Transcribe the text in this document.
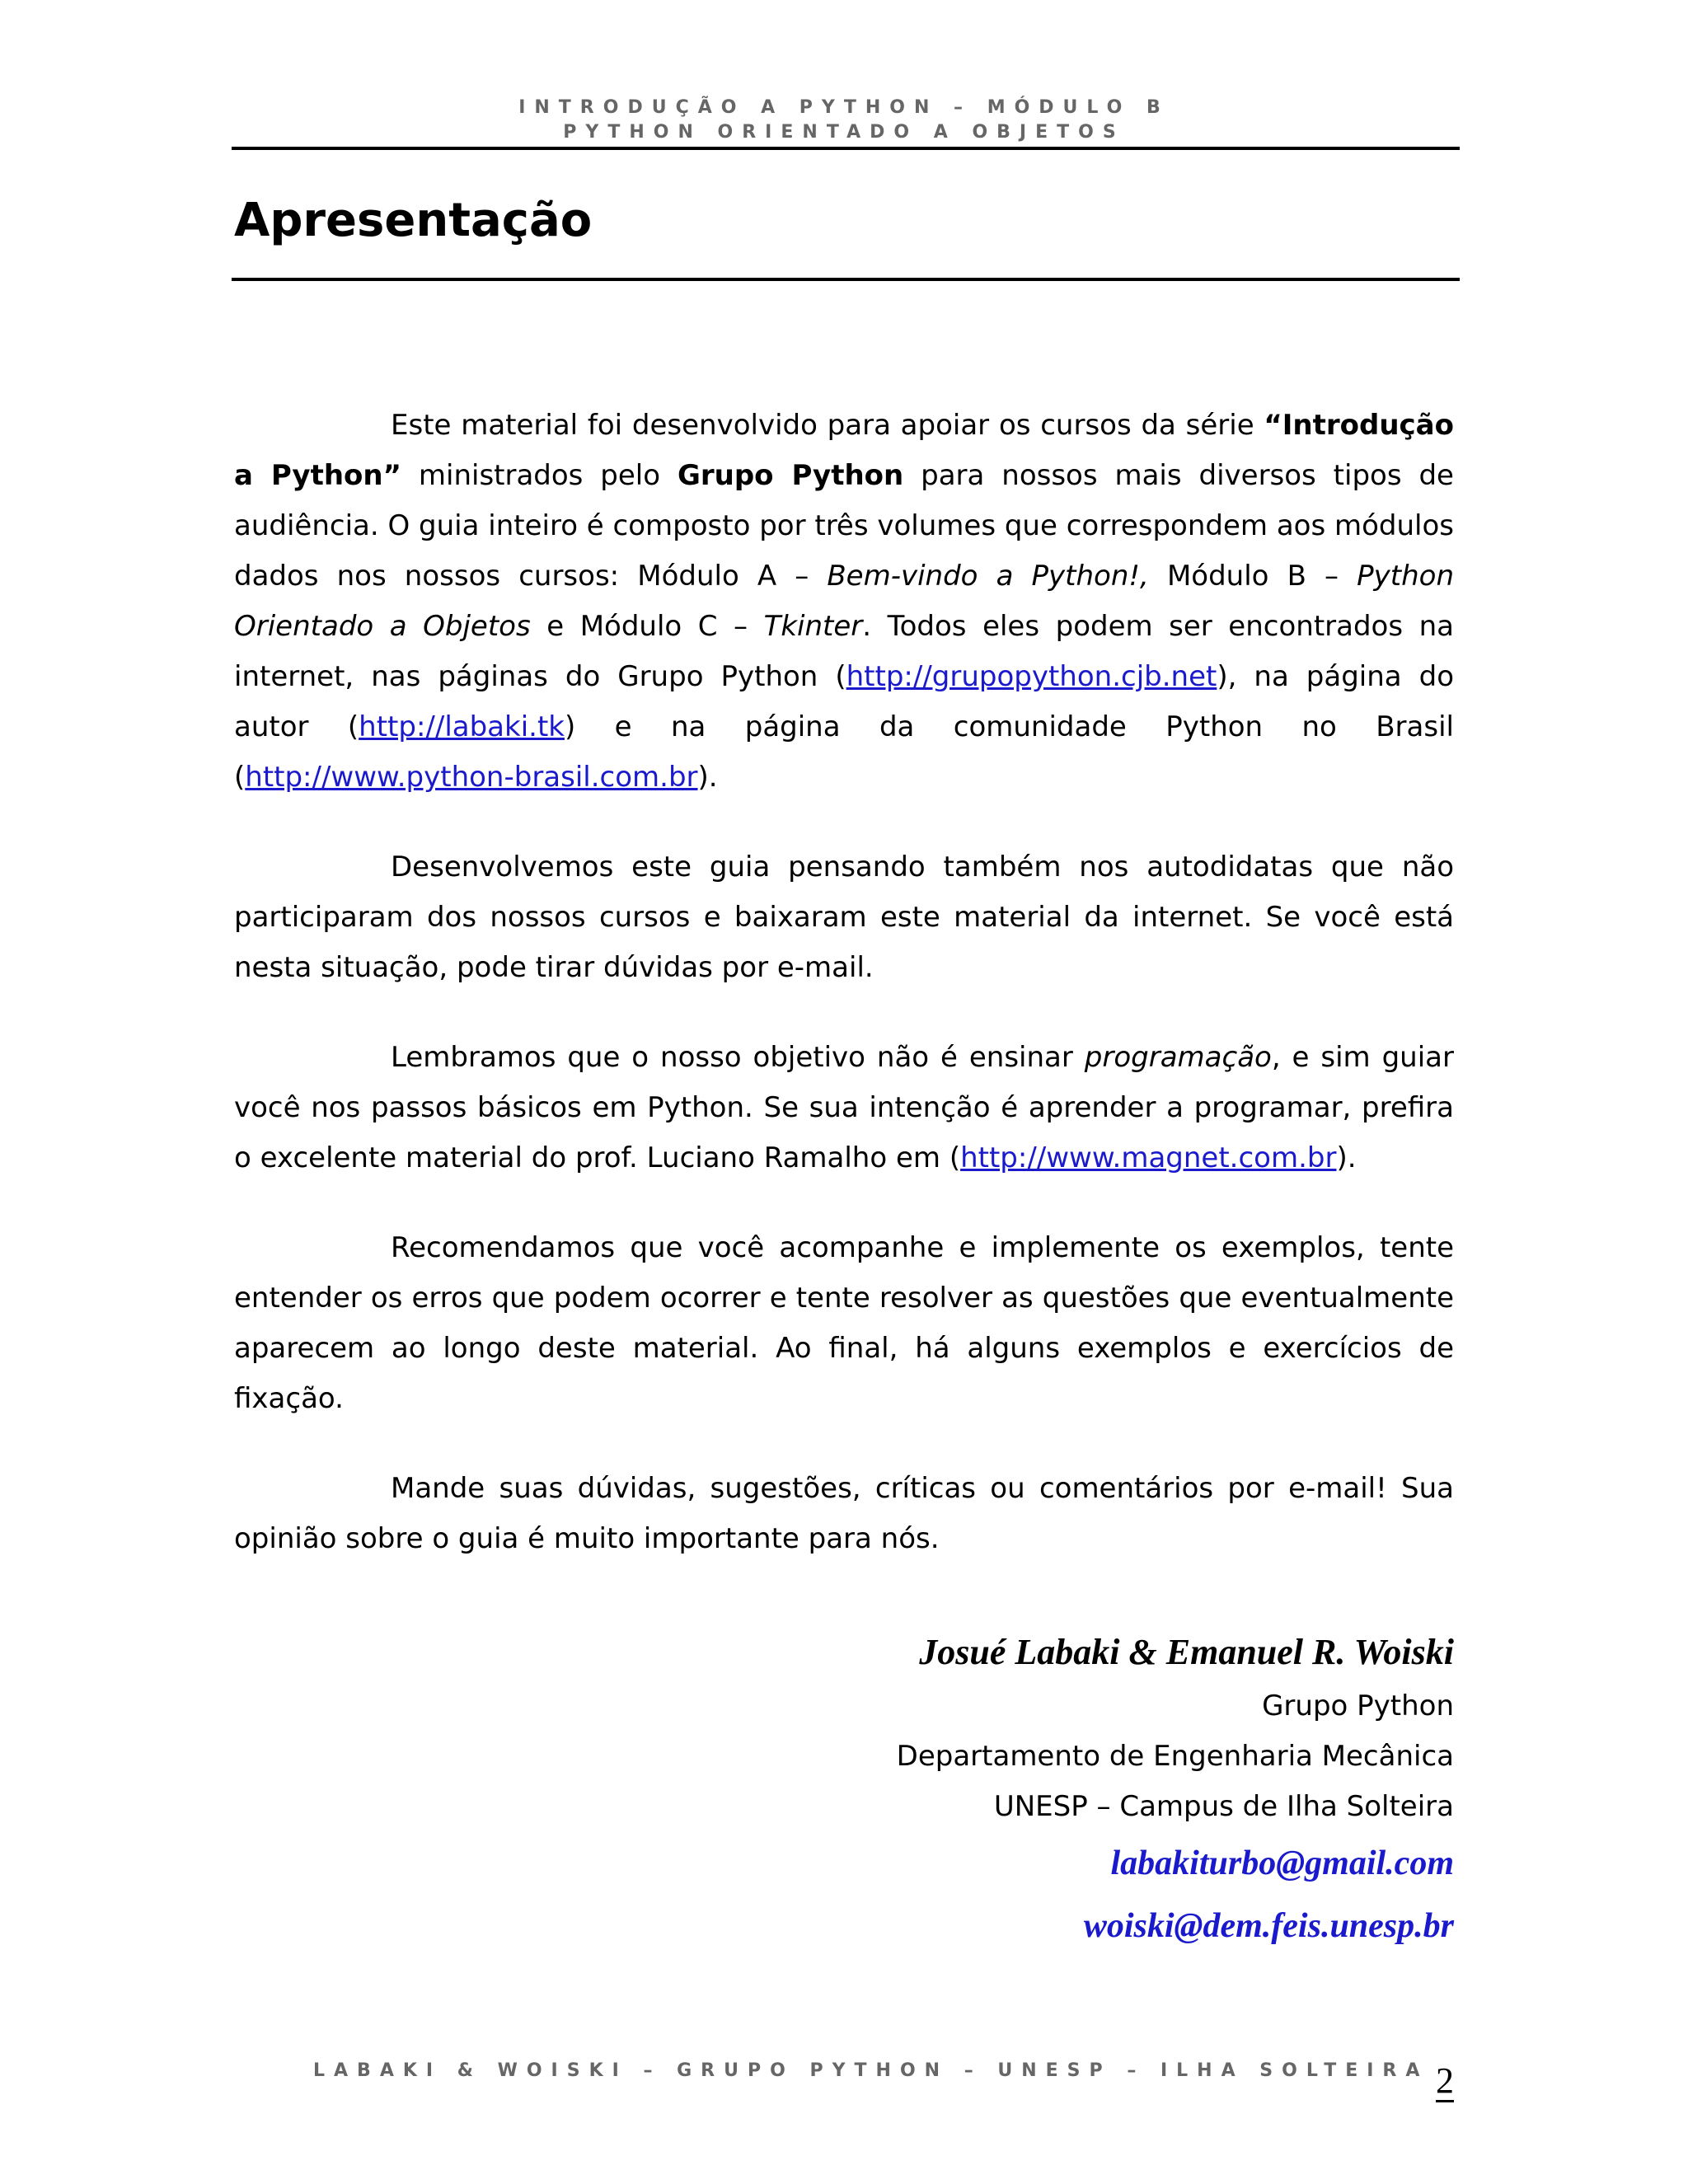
INTRODUÇÃO A PYTHON – MÓDULO B
PYTHON ORIENTADO A OBJETOS
Apresentação

Este material foi desenvolvido para apoiar os cursos da série “Introdução a Python” ministrados pelo Grupo Python para nossos mais diversos tipos de audiência. O guia inteiro é composto por três volumes que correspondem aos módulos dados nos nossos cursos: Módulo A – Bem-vindo a Python!, Módulo B – Python Orientado a Objetos e Módulo C – Tkinter. Todos eles podem ser encontrados na internet, nas páginas do Grupo Python (http://grupopython.cjb.net), na página do autor (http://labaki.tk) e na página da comunidade Python no Brasil (http://www.python-brasil.com.br).

Desenvolvemos este guia pensando também nos autodidatas que não participaram dos nossos cursos e baixaram este material da internet. Se você está nesta situação, pode tirar dúvidas por e-mail.

Lembramos que o nosso objetivo não é ensinar programação, e sim guiar você nos passos básicos em Python. Se sua intenção é aprender a programar, prefira o excelente material do prof. Luciano Ramalho em (http://www.magnet.com.br).

Recomendamos que você acompanhe e implemente os exemplos, tente entender os erros que podem ocorrer e tente resolver as questões que eventualmente aparecem ao longo deste material. Ao final, há alguns exemplos e exercícios de fixação.

Mande suas dúvidas, sugestões, críticas ou comentários por e-mail! Sua opinião sobre o guia é muito importante para nós.

Josué Labaki & Emanuel R. Woiski
Grupo Python
Departamento de Engenharia Mecânica
UNESP – Campus de Ilha Solteira
labakiturbo@gmail.com
woiski@dem.feis.unesp.br
LABAKI & WOISKI – GRUPO PYTHON – UNESP – ILHA SOLTEIRA 2
